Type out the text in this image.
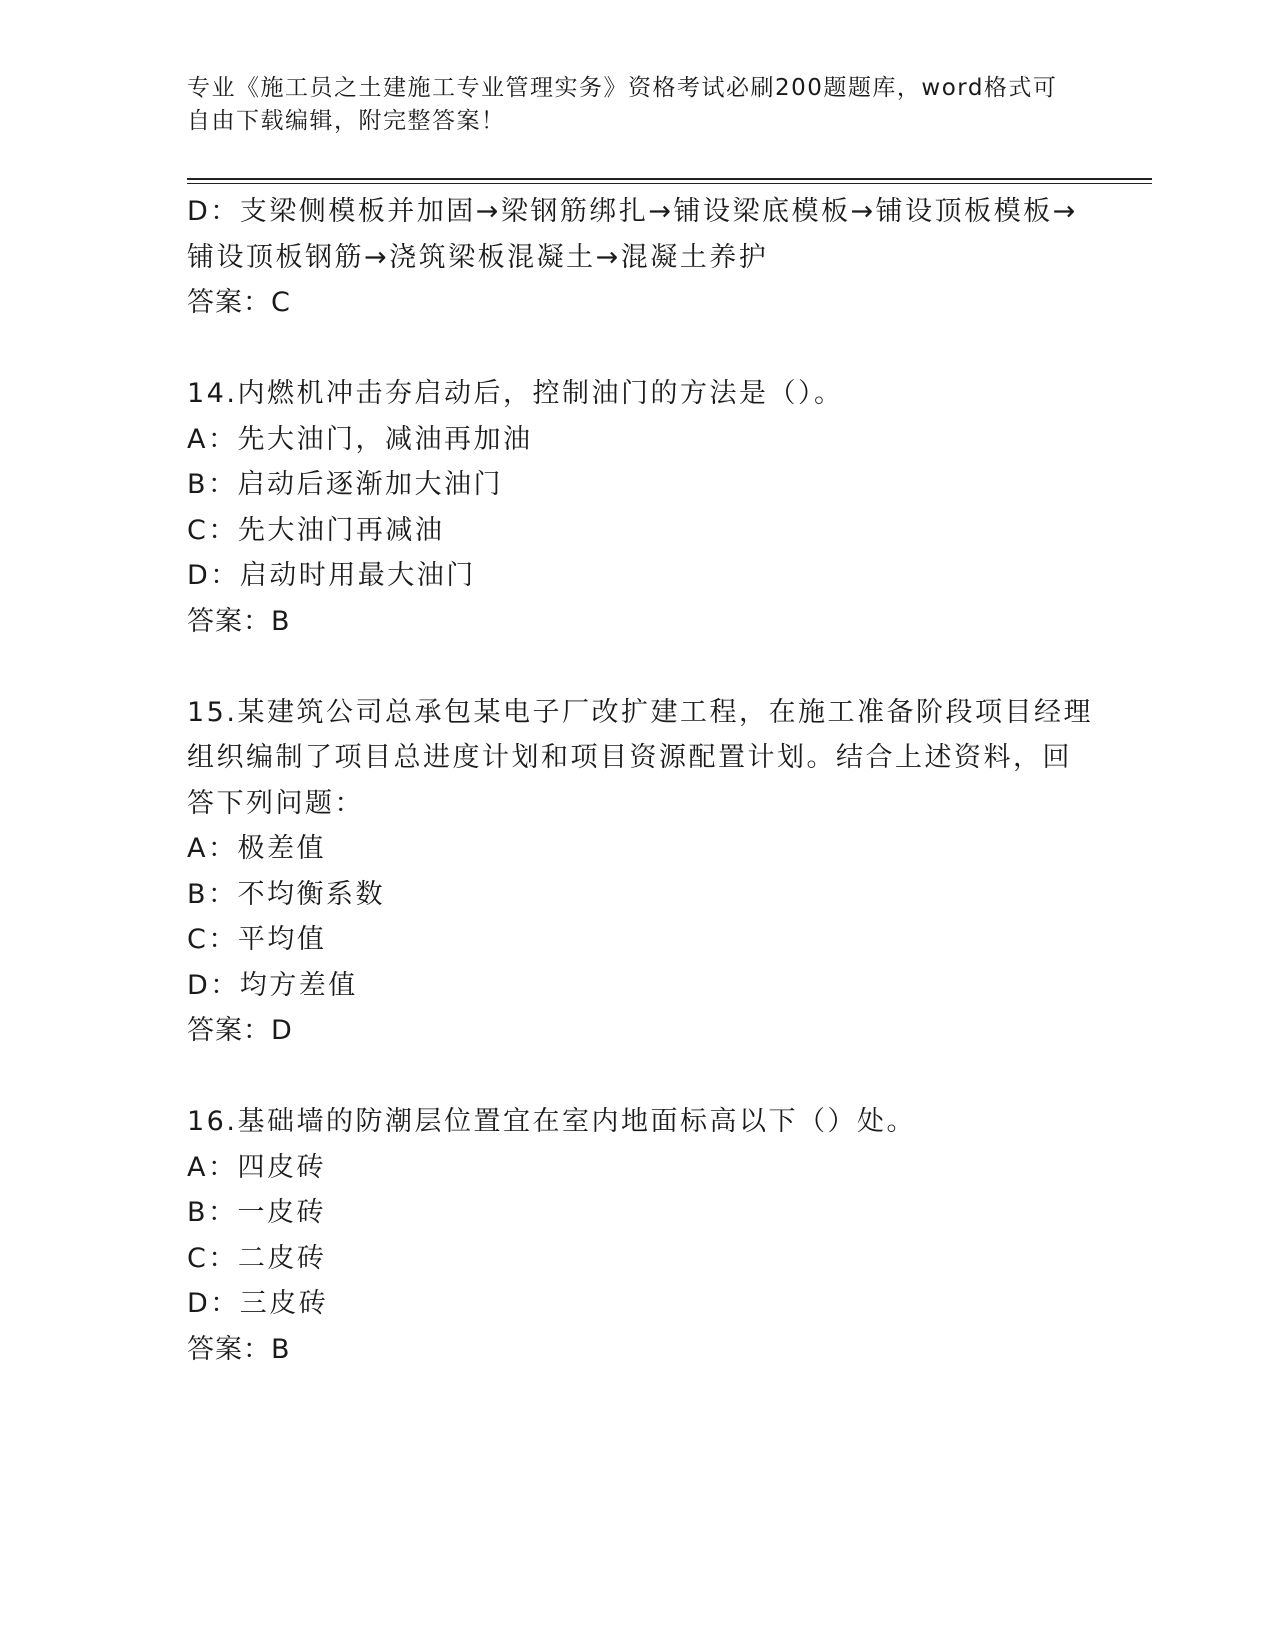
专业《施工员之土建施工专业管理实务》资格考试必刷200题题库，word格式可

自由下载编辑，附完整答案！

D：支梁侧模板并加固→梁钢筋绑扎→铺设梁底模板→铺设顶板模板→

铺设顶板钢筋→浇筑梁板混凝土→混凝土养护

答案：C

14.内燃机冲击夯启动后，控制油门的方法是（）。

A：先大油门，减油再加油

B：启动后逐渐加大油门

C：先大油门再减油

D：启动时用最大油门

答案：B

15.某建筑公司总承包某电子厂改扩建工程，在施工准备阶段项目经理

组织编制了项目总进度计划和项目资源配置计划。结合上述资料，回

答下列问题：

A：极差值

B：不均衡系数

C：平均值

D：均方差值

答案：D

16.基础墙的防潮层位置宜在室内地面标高以下（）处。

A：四皮砖

B：一皮砖

C：二皮砖

D：三皮砖

答案：B
